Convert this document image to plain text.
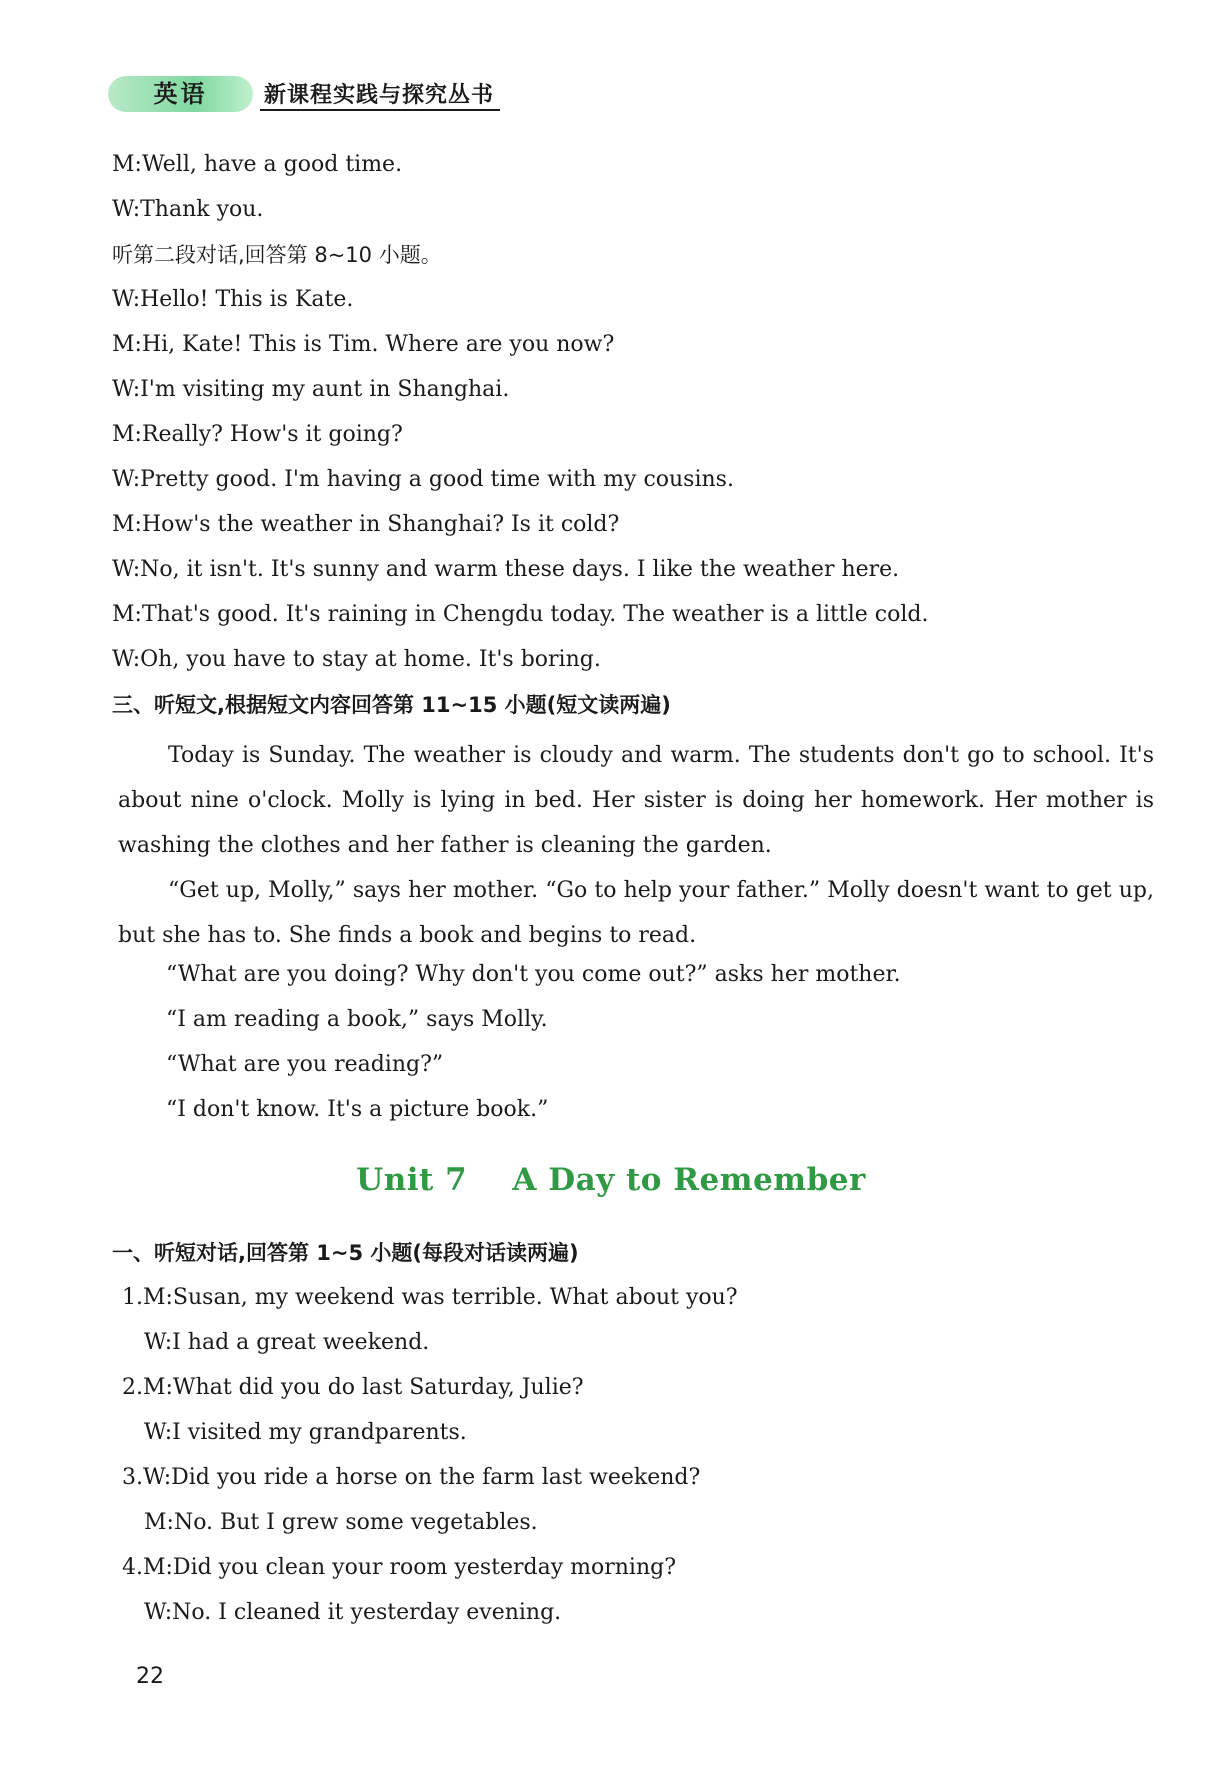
英语	新课程实践与探究丛书
M:Well, have a good time.
W:Thank you.
听第二段对话,回答第 8~10 小题。
W:Hello! This is Kate.
M:Hi, Kate! This is Tim. Where are you now?
W:I'm visiting my aunt in Shanghai.
M:Really? How's it going?
W:Pretty good. I'm having a good time with my cousins.
M:How's the weather in Shanghai? Is it cold?
W:No, it isn't. It's sunny and warm these days. I like the weather here.
M:That's good. It's raining in Chengdu today. The weather is a little cold.
W:Oh, you have to stay at home. It's boring.
三、听短文,根据短文内容回答第 11~15 小题(短文读两遍)
Today is Sunday. The weather is cloudy and warm. The students don't go to school. It's about nine o'clock. Molly is lying in bed. Her sister is doing her homework. Her mother is washing the clothes and her father is cleaning the garden.
“Get up, Molly,” says her mother. “Go to help your father.” Molly doesn't want to get up, but she has to. She finds a book and begins to read.
“What are you doing? Why don't you come out?” asks her mother.
“I am reading a book,” says Molly.
“What are you reading?”
“I don't know. It's a picture book.”
Unit 7    A Day to Remember
一、听短对话,回答第 1~5 小题(每段对话读两遍)
1.M:Susan, my weekend was terrible. What about you?
W:I had a great weekend.
2.M:What did you do last Saturday, Julie?
W:I visited my grandparents.
3.W:Did you ride a horse on the farm last weekend?
M:No. But I grew some vegetables.
4.M:Did you clean your room yesterday morning?
W:No. I cleaned it yesterday evening.
22
